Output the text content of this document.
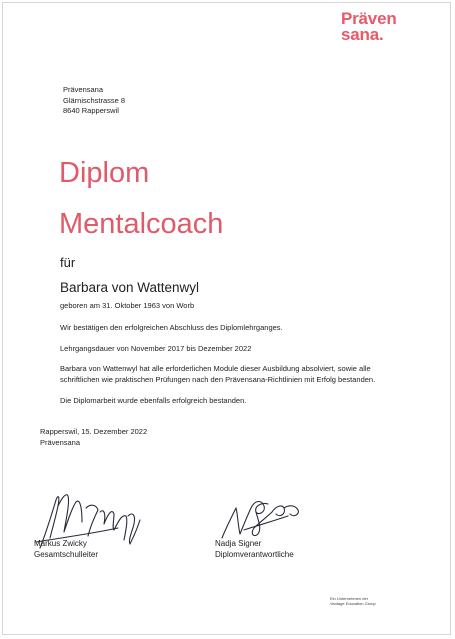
Präven
sana.
Prävensana
Glärnischstrasse 8
8640 Rapperswil
Diplom
Mentalcoach
für
Barbara von Wattenwyl
geboren am 31. Oktober 1963 von Worb
Wir bestätigen den erfolgreichen Abschluss des Diplomlehrganges.
Lehrgangsdauer von November 2017 bis Dezember 2022
Barbara von Wattenwyl hat alle erforderlichen Module dieser Ausbildung absolviert, sowie alle
schriftlichen wie praktischen Prüfungen nach den Prävensana-Richtlinien mit Erfolg bestanden.
Die Diplomarbeit wurde ebenfalls erfolgreich bestanden.
Rapperswil, 15. Dezember 2022
Prävensana
Markus Zwicky
Gesamtschulleiter
Nadja Signer
Diplomverantwortliche
Ein Unternehmen der
Vantage Education Group
